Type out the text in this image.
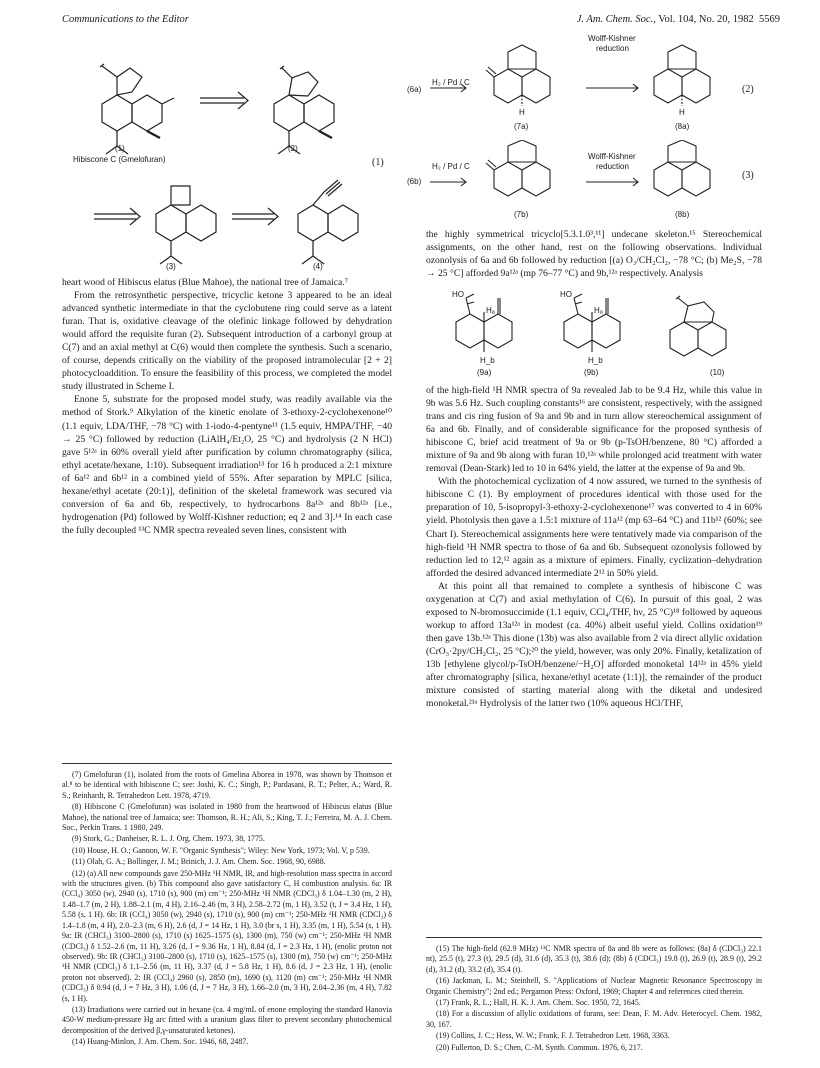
Communications to the Editor	J. Am. Chem. Soc., Vol. 104, No. 20, 1982 5569
(1)
Hibiscone C (Gmelofuran)
(2)
(1)
(3)	(4)

heart wood of Hibiscus elatus (Blue Mahoe), the national tree of Jamaica.⁷

From the retrosynthetic perspective, tricyclic ketone 3 appeared to be an ideal advanced synthetic intermediate in that the cyclobutene ring could serve as a latent furan. That is, oxidative cleavage of the olefinic linkage followed by dehydration would afford the requisite furan (2). Subsequent introduction of a carbonyl group at C(7) and an axial methyl at C(6) would then complete the synthesis. Such a scenario, of course, depends critically on the viability of the proposed intramolecular [2 + 2] photocycloaddition. To ensure the feasibility of this process, we completed the model study illustrated in Scheme I.

Enone 5, substrate for the proposed model study, was readily available via the method of Stork.⁹ Alkylation of the kinetic enolate of 3-ethoxy-2-cyclohexenone¹⁰ (1.1 equiv, LDA/THF, −78 °C) with 1-iodo-4-pentyne¹¹ (1.5 equiv, HMPA/THF, −40 → 25 °C) followed by reduction (LiAlH₄/Et₂O, 25 °C) and hydrolysis (2 N HCl) gave 5¹²ᵃ in 60% overall yield after purification by column chromatography (silica, ethyl acetate/hexane, 1:10). Subsequent irradiation¹³ for 16 h produced a 2:1 mixture of 6a¹² and 6b¹² in a combined yield of 55%. After separation by MPLC [silica, hexane/ethyl acetate (20:1)], definition of the skeletal framework was secured via conversion of 6a and 6b, respectively, to hydrocarbons 8a¹²ᵃ and 8b¹²ᵃ [i.e., hydrogenation (Pd) followed by Wolff-Kishner reduction; eq 2 and 3].¹⁴ In each case the fully decoupled ¹³C NMR spectra revealed seven lines, consistent with

(7) Gmelofuran (1), isolated from the roots of Gmelina Aborea in 1978, was shown by Thomson et al.⁸ to be identical with hibiscone C; see: Joshi, K. C.; Singh, P.; Pardasani, R. T.; Pelter, A.; Ward, R. S.; Reinhardt, R. Tetrahedron Lett. 1978, 4719.

(8) Hibiscone C (Gmelofuran) was isolated in 1980 from the heartwood of Hibiscus elatus (Blue Mahoe), the national tree of Jamaica; see: Thomson, R. H.; Ali, S.; King, T. J.; Ferreira, M. A. J. Chem. Soc., Perkin Trans. 1 1980, 249.

(9) Stork, G.; Danheiser, R. L. J. Org. Chem. 1973, 38, 1775.

(10) House, H. O.; Gannon, W. F. "Organic Synthesis"; Wiley: New York, 1973; Vol. V, p 539.

(11) Olah, G. A.; Bollinger, J. M.; Brinich, J. J. Am. Chem. Soc. 1968, 90, 6988.

(12) (a) All new compounds gave 250-MHz ¹H NMR, IR, and high-resolution mass spectra in accord with the structures given. (b) This compound also gave satisfactory C, H combustion analysis. 6a: IR (CCl₄) 3050 (w), 2940 (s), 1710 (s), 900 (m) cm⁻¹; 250-MHz ¹H NMR (CDCl₃) δ 1.04–1.30 (m, 2 H), 1.48–1.7 (m, 2 H), 1.88–2.1 (m, 4 H), 2.16–2.46 (m, 3 H), 2.58–2.72 (m, 1 H), 3.52 (t, J = 3.4 Hz, 1 H), 5.58 (s, 1 H). 6b: IR (CCl₄) 3050 (w), 2940 (s), 1710 (s), 900 (m) cm⁻¹; 250-MHz ¹H NMR (CDCl₃) δ 1.4–1.8 (m, 4 H), 2.0–2.3 (m, 6 H), 2.6 (d, J = 14 Hz, 1 H), 3.0 (br s, 1 H), 3.35 (m, 1 H), 5.54 (s, 1 H). 9a: IR (CHCl₃) 3100–2800 (s), 1710 (s) 1625–1575 (s), 1300 (m), 750 (w) cm⁻¹; 250-MHz ¹H NMR (CDCl₃) δ 1.52–2.6 (m, 11 H), 3.26 (d, J = 9.36 Hz, 1 H), 8.84 (d, J = 2.3 Hz, 1 H), (enolic proton not observed). 9b: IR (CHCl₃) 3100–2800 (s), 1710 (s), 1625–1575 (s), 1300 (m), 750 (w) cm⁻¹; 250-MHz ¹H NMR (CDCl₃) δ 1.1–2.56 (m, 11 H), 3.37 (d, J = 5.8 Hz, 1 H), 8.6 (d, J = 2.3 Hz, 1 H), (enolic proton not observed). 2: IR (CCl₄) 2960 (s), 2850 (m), 1690 (s), 1120 (m) cm⁻¹; 250-MHz ¹H NMR (CDCl₃) δ 0.94 (d, J = 7 Hz, 3 H), 1.06 (d, J = 7 Hz, 3 H), 1.66–2.0 (m, 3 H), 2.04–2.36 (m, 4 H), 7.82 (s, 1 H).

(13) Irradiations were carried out in hexane (ca. 4 mg/mL of enone employing the standard Hanovia 450-W medium-pressure Hg arc fitted with a uranium glass filter to prevent secondary photochemical decomposition of the derived β,γ-unsaturated ketones).

(14) Huang-Minlon, J. Am. Chem. Soc. 1946, 68, 2487.

(6a)
H₂ / Pd / C
Wolff-Kishner
reduction
H	H
(7a)	(8a)
(2)
(6b)
H₂ / Pd / C
Wolff-Kishner
reduction
(7b)	(8b)
(3)

the highly symmetrical tricyclo[5.3.1.0³,¹¹] undecane skeleton.¹⁵ Stereochemical assignments, on the other hand, rest on the following observations. Individual ozonolysis of 6a and 6b followed by reduction [(a) O₃/CH₂Cl₂, −78 °C; (b) Me₂S, −78 → 25 °C] afforded 9a¹²ᵃ (mp 76–77 °C) and 9b,¹²ᵃ respectively. Analysis

HO
Hₐ
H_b
HO
Hₐ
H_b
(9a)	(9b)	(10)

of the high-field ¹H NMR spectra of 9a revealed Jab to be 9.4 Hz, while this value in 9b was 5.6 Hz. Such coupling constants¹⁶ are consistent, respectively, with the assigned trans and cis ring fusion of 9a and 9b and in turn allow stereochemical assignment of 6a and 6b. Finally, and of considerable significance for the proposed synthesis of hibiscone C, brief acid treatment of 9a or 9b (p-TsOH/benzene, 80 °C) afforded a mixture of 9a and 9b along with furan 10,¹²ᵃ while prolonged acid treatment with water removal (Dean-Stark) led to 10 in 64% yield, the latter at the expense of 9a and 9b.

With the photochemical cyclization of 4 now assured, we turned to the synthesis of hibiscone C (1). By employment of procedures identical with those used for the preparation of 10, 5-isopropyl-3-ethoxy-2-cyclohexenone¹⁷ was converted to 4 in 60% yield. Photolysis then gave a 1.5:1 mixture of 11a¹² (mp 63–64 °C) and 11b¹² (60%; see Chart I). Stereochemical assignments here were tentatively made via comparison of the high-field ¹H NMR spectra to those of 6a and 6b. Subsequent ozonolysis followed by reduction led to 12,¹² again as a mixture of epimers. Finally, cyclization–dehydration afforded the desired advanced intermediate 2¹² in 50% yield.

At this point all that remained to complete a synthesis of hibiscone C was oxygenation at C(7) and axial methylation of C(6). In pursuit of this goal, 2 was exposed to N-bromosuccimide (1.1 equiv, CCl₄/THF, hν, 25 °C)¹⁸ followed by aqueous workup to afford 13a¹²ᵃ in modest (ca. 40%) albeit useful yield. Collins oxidation¹⁹ then gave 13b.¹²ᵃ This dione (13b) was also available from 2 via direct allylic oxidation (CrO₃·2py/CH₂Cl₂, 25 °C);²⁰ the yield, however, was only 20%. Finally, ketalization of 13b [ethylene glycol/p-TsOH/benzene/−H₂O] afforded monoketal 14¹²ᵃ in 45% yield after chromatography [silica, hexane/ethyl acetate (1:1)], the remainder of the product mixture consisted of starting material along with the diketal and undesired monoketal.²¹ᵃ Hydrolysis of the latter two (10% aqueous HCl/THF,

(15) The high-field (62.9 MHz) ¹³C NMR spectra of 8a and 8b were as follows: (8a) δ (CDCl₃) 22.1 nt), 25.5 (t), 27.3 (t), 29.5 (d), 31.6 (d), 35.3 (t), 38.6 (d); (8b) δ (CDCl₃) 19.8 (t), 26.9 (t), 28.9 (t), 29.2 (d), 31.2 (d), 33.2 (d), 35.4 (t).

(16) Jackman, L. M.; Steinhell, S. "Applications of Nuclear Magnetic Resonance Spectroscopy in Organic Chemistry"; 2nd ed.; Pergamon Press: Oxford, 1969; Chapter 4 and references cited therein.

(17) Frank, R. L.; Hall, H. K. J. Am. Chem. Soc. 1950, 72, 1645.

(18) For a discussion of allylic oxidations of furans, see: Dean, F. M. Adv. Heterocycl. Chem. 1982, 30, 167.

(19) Collins, J. C.; Hess, W. W.; Frank, F. J. Tetrahedron Lett. 1968, 3363.

(20) Fullerton, D. S.; Chen, C.-M. Synth. Commun. 1976, 6, 217.
